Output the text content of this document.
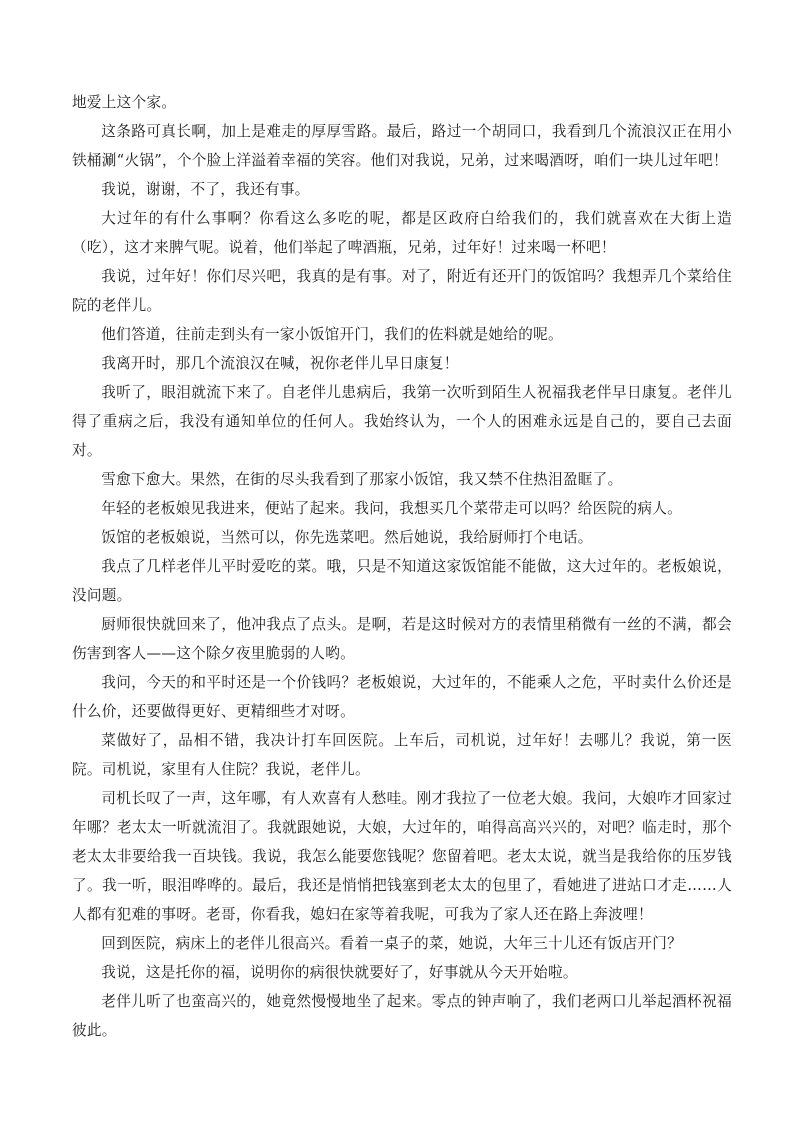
地爱上这个家。

这条路可真长啊，加上是难走的厚厚雪路。最后，路过一个胡同口，我看到几个流浪汉正在用小铁桶涮“火锅”，个个脸上洋溢着幸福的笑容。他们对我说，兄弟，过来喝酒呀，咱们一块儿过年吧！

我说，谢谢，不了，我还有事。

大过年的有什么事啊？你看这么多吃的呢，都是区政府白给我们的，我们就喜欢在大街上造（吃），这才来脾气呢。说着，他们举起了啤酒瓶，兄弟，过年好！过来喝一杯吧！

我说，过年好！你们尽兴吧，我真的是有事。对了，附近有还开门的饭馆吗？我想弄几个菜给住院的老伴儿。

他们答道，往前走到头有一家小饭馆开门，我们的佐料就是她给的呢。

我离开时，那几个流浪汉在喊，祝你老伴儿早日康复！

我听了，眼泪就流下来了。自老伴儿患病后，我第一次听到陌生人祝福我老伴早日康复。老伴儿得了重病之后，我没有通知单位的任何人。我始终认为，一个人的困难永远是自己的，要自己去面对。

雪愈下愈大。果然，在街的尽头我看到了那家小饭馆，我又禁不住热泪盈眶了。

年轻的老板娘见我进来，便站了起来。我问，我想买几个菜带走可以吗？给医院的病人。

饭馆的老板娘说，当然可以，你先选菜吧。然后她说，我给厨师打个电话。

我点了几样老伴儿平时爱吃的菜。哦，只是不知道这家饭馆能不能做，这大过年的。老板娘说，没问题。

厨师很快就回来了，他冲我点了点头。是啊，若是这时候对方的表情里稍微有一丝的不满，都会伤害到客人——这个除夕夜里脆弱的人哟。

我问，今天的和平时还是一个价钱吗？老板娘说，大过年的，不能乘人之危，平时卖什么价还是什么价，还要做得更好、更精细些才对呀。

菜做好了，品相不错，我决计打车回医院。上车后，司机说，过年好！去哪儿？我说，第一医院。司机说，家里有人住院？我说，老伴儿。

司机长叹了一声，这年哪，有人欢喜有人愁哇。刚才我拉了一位老大娘。我问，大娘咋才回家过年哪？老太太一听就流泪了。我就跟她说，大娘，大过年的，咱得高高兴兴的，对吧？临走时，那个老太太非要给我一百块钱。我说，我怎么能要您钱呢？您留着吧。老太太说，就当是我给你的压岁钱了。我一听，眼泪哗哗的。最后，我还是悄悄把钱塞到老太太的包里了，看她进了进站口才走……人人都有犯难的事呀。老哥，你看我，媳妇在家等着我呢，可我为了家人还在路上奔波哩！

回到医院，病床上的老伴儿很高兴。看着一桌子的菜，她说，大年三十儿还有饭店开门？

我说，这是托你的福，说明你的病很快就要好了，好事就从今天开始啦。

老伴儿听了也蛮高兴的，她竟然慢慢地坐了起来。零点的钟声响了，我们老两口儿举起酒杯祝福彼此。
